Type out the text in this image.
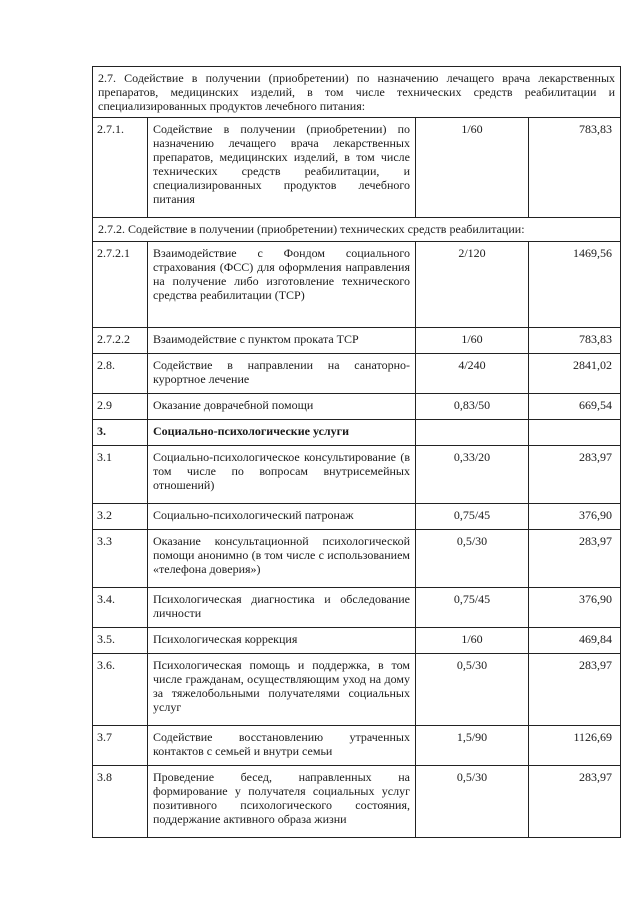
2.7. Содействие в получении (приобретении) по назначению лечащего врача лекарственных препаратов, медицинских изделий, в том числе технических средств реабилитации и специализированных продуктов лечебного питания:			
2.7.1.	Содействие в получении (приобретении) по назначению лечащего врача лекарственных препаратов, медицинских изделий, в том числе технических средств реабилитации, и специализированных продуктов лечебного питания	1/60	783,83
2.7.2. Содействие в получении (приобретении) технических средств реабилитации:			
2.7.2.1	Взаимодействие с Фондом социального страхования (ФСС) для оформления направления на получение либо изготовление технического средства реабилитации (ТСР)	2/120	1469,56
2.7.2.2	Взаимодействие с пунктом проката ТСР	1/60	783,83
2.8.	Содействие в направлении на санаторно-курортное лечение	4/240	2841,02
2.9	Оказание доврачебной помощи	0,83/50	669,54
3.	Социально-психологические услуги		
3.1	Социально-психологическое консультирование (в том числе по вопросам внутрисемейных отношений)	0,33/20	283,97
3.2	Социально-психологический патронаж	0,75/45	376,90
3.3	Оказание консультационной психологической помощи анонимно (в том числе с использованием «телефона доверия»)	0,5/30	283,97
3.4.	Психологическая диагностика и обследование личности	0,75/45	376,90
3.5.	Психологическая коррекция	1/60	469,84
3.6.	Психологическая помощь и поддержка, в том числе гражданам, осуществляющим уход на дому за тяжелобольными получателями социальных услуг	0,5/30	283,97
3.7	Содействие восстановлению утраченных контактов с семьей и внутри семьи	1,5/90	1126,69
3.8	Проведение бесед, направленных на формирование у получателя социальных услуг позитивного психологического состояния, поддержание активного образа жизни	0,5/30	283,97
